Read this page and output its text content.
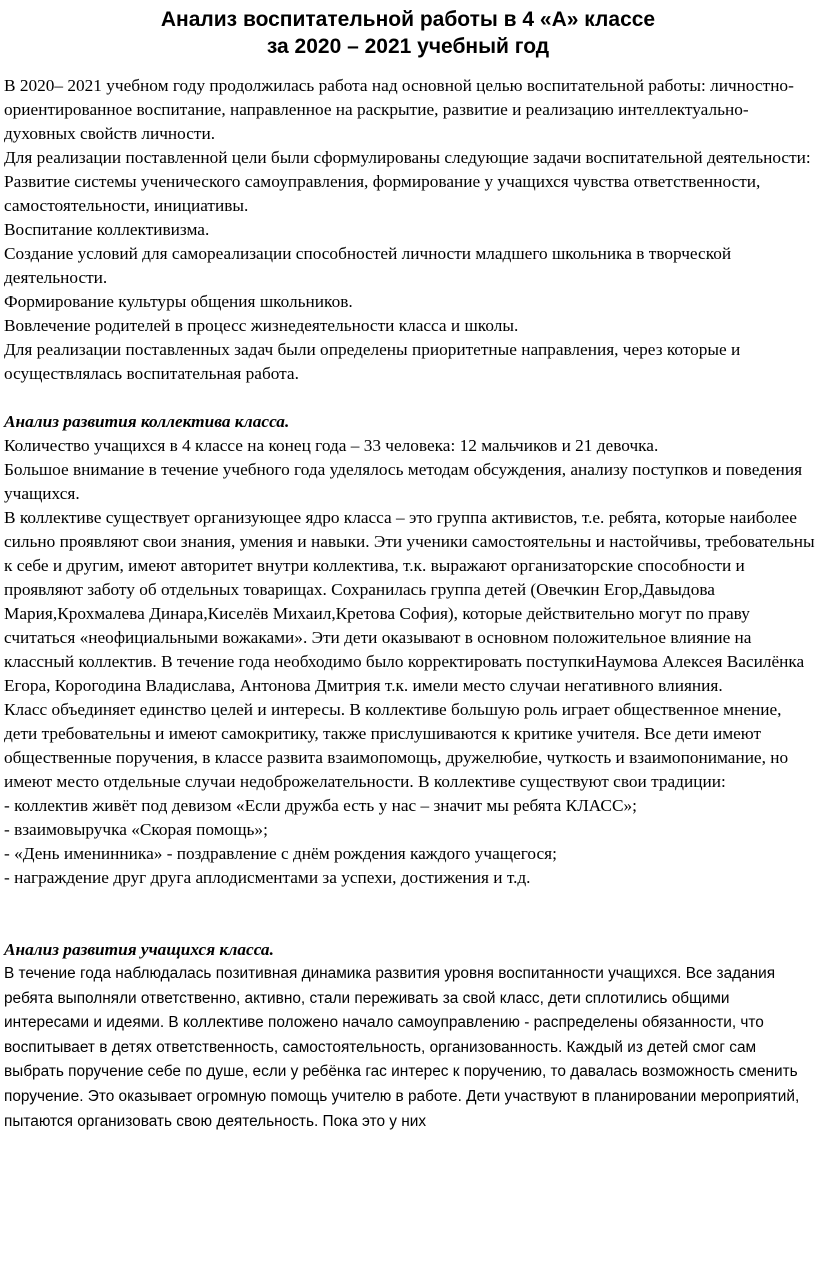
Анализ воспитательной работы в 4 «А» классе
за 2020 – 2021 учебный год

В 2020– 2021 учебном году продолжилась работа над основной целью воспитательной работы: личностно-ориентированное воспитание, направленное на раскрытие, развитие и реализацию интеллектуально-духовных свойств личности.

Для реализации поставленной цели были сформулированы следующие задачи воспитательной деятельности:

Развитие системы ученического самоуправления, формирование у учащихся чувства ответственности, самостоятельности, инициативы.

Воспитание коллективизма.

Создание условий для самореализации способностей личности младшего школьника в творческой деятельности.

Формирование культуры общения школьников.

Вовлечение родителей в процесс жизнедеятельности класса и школы.

Для реализации поставленных задач были определены приоритетные направления, через которые и осуществлялась воспитательная работа.

Анализ развития коллектива класса.

Количество учащихся в 4 классе на конец года – 33 человека: 12 мальчиков и 21 девочка.

Большое внимание в течение учебного года уделялось методам обсуждения, анализу поступков и поведения учащихся.

В коллективе существует организующее ядро класса – это группа активистов, т.е. ребята, которые наиболее сильно проявляют свои знания, умения и навыки. Эти ученики самостоятельны и настойчивы, требовательны к себе и другим, имеют авторитет внутри коллектива, т.к. выражают организаторские способности и проявляют заботу об отдельных товарищах. Сохранилась группа детей (Овечкин Егор,Давыдова Мария,Крохмалева Динара,Киселёв Михаил,Кретова София), которые действительно могут по праву считаться «неофициальными вожаками». Эти дети оказывают в основном положительное влияние на классный коллектив. В течение года необходимо было корректировать поступкиНаумова Алексея Василёнка Егора, Корогодина Владислава, Антонова Дмитрия т.к. имели место случаи негативного влияния.

Класс объединяет единство целей и интересы. В коллективе большую роль играет общественное мнение, дети требовательны и имеют самокритику, также прислушиваются к критике учителя. Все дети имеют общественные поручения, в классе развита взаимопомощь, дружелюбие, чуткость и взаимопонимание, но имеют место отдельные случаи недоброжелательности. В коллективе существуют свои традиции:

- коллектив живёт под девизом «Если дружба есть у нас – значит мы ребята КЛАСС»;

- взаимовыручка «Скорая помощь»;

- «День именинника» - поздравление с днём рождения каждого учащегося;

- награждение друг друга аплодисментами за успехи, достижения и т.д.

Анализ развития учащихся класса.

В течение года наблюдалась позитивная динамика развития уровня воспитанности учащихся. Все задания ребята выполняли ответственно, активно, стали переживать за свой класс, дети сплотились общими интересами и идеями. В коллективе положено начало самоуправлению - распределены обязанности, что воспитывает в детях ответственность, самостоятельность, организованность. Каждый из детей смог сам выбрать поручение себе по душе, если у ребёнка гас интерес к поручению, то давалась возможность сменить поручение. Это оказывает огромную помощь учителю в работе. Дети участвуют в планировании мероприятий, пытаются организовать свою деятельность. Пока это у них
